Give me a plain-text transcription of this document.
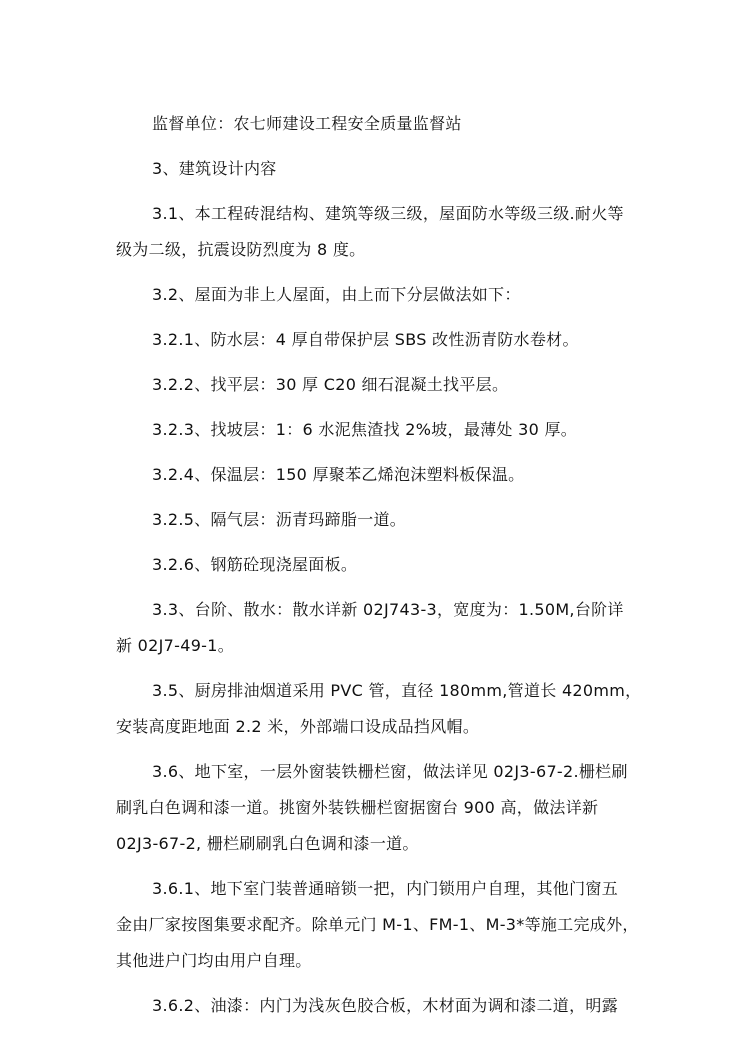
监督单位：农七师建设工程安全质量监督站

3、建筑设计内容

3.1、本工程砖混结构、建筑等级三级，屋面防水等级三级.耐火等
级为二级，抗震设防烈度为 8 度。

3.2、屋面为非上人屋面，由上而下分层做法如下：

3.2.1、防水层：4 厚自带保护层 SBS 改性沥青防水卷材。

3.2.2、找平层：30 厚 C20 细石混凝土找平层。

3.2.3、找坡层：1：6 水泥焦渣找 2%坡，最薄处 30 厚。

3.2.4、保温层：150 厚聚苯乙烯泡沫塑料板保温。

3.2.5、隔气层：沥青玛蹄脂一道。

3.2.6、钢筋砼现浇屋面板。

3.3、台阶、散水：散水详新 02J743-3，宽度为：1.50M,台阶详
新 02J7-49-1。

3.5、厨房排油烟道采用 PVC 管，直径 180mm,管道长 420mm，
安装高度距地面 2.2 米，外部端口设成品挡风帽。

3.6、地下室，一层外窗装铁栅栏窗，做法详见 02J3-67-2.栅栏刷
刷乳白色调和漆一道。挑窗外装铁栅栏窗据窗台 900 高，做法详新
02J3-67-2, 栅栏刷刷乳白色调和漆一道。

3.6.1、地下室门装普通暗锁一把，内门锁用户自理，其他门窗五
金由厂家按图集要求配齐。除单元门 M-1、FM-1、M-3*等施工完成外，
其他进户门均由用户自理。

3.6.2、油漆：内门为浅灰色胶合板，木材面为调和漆二道，明露
